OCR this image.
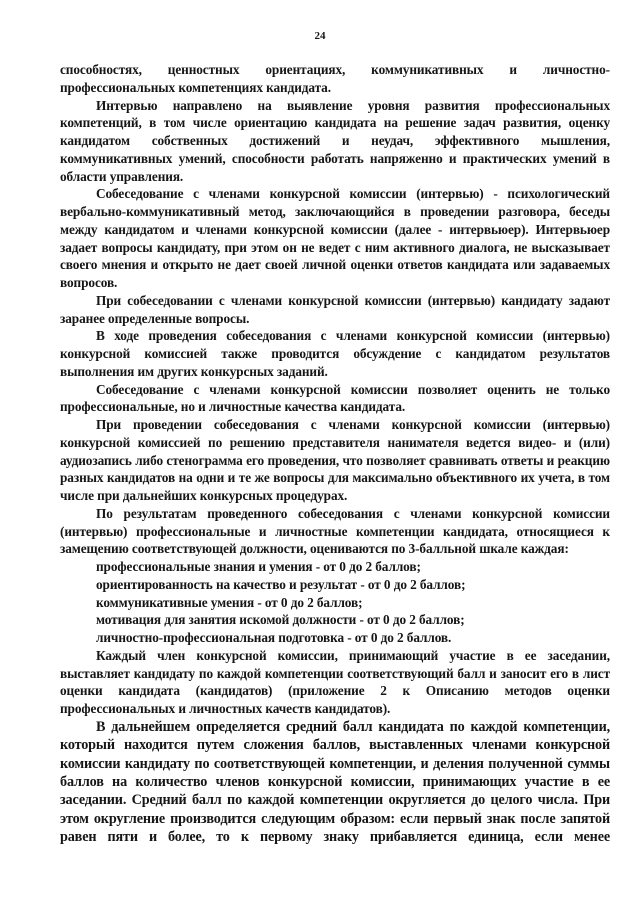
24

способностях, ценностных ориентациях, коммуникативных и личностно-профессиональных компетенциях кандидата.

Интервью направлено на выявление уровня развития профессиональных компетенций, в том числе ориентацию кандидата на решение задач развития, оценку кандидатом собственных достижений и неудач, эффективного мышления, коммуникативных умений, способности работать напряженно и практических умений в области управления.

Собеседование с членами конкурсной комиссии (интервью) - психологический вербально-коммуникативный метод, заключающийся в проведении разговора, беседы между кандидатом и членами конкурсной комиссии (далее - интервьюер). Интервьюер задает вопросы кандидату, при этом он не ведет с ним активного диалога, не высказывает своего мнения и открыто не дает своей личной оценки ответов кандидата или задаваемых вопросов.

При собеседовании с членами конкурсной комиссии (интервью) кандидату задают заранее определенные вопросы.

В ходе проведения собеседования с членами конкурсной комиссии (интервью) конкурсной комиссией также проводится обсуждение с кандидатом результатов выполнения им других конкурсных заданий.

Собеседование с членами конкурсной комиссии позволяет оценить не только профессиональные, но и личностные качества кандидата.

При проведении собеседования с членами конкурсной комиссии (интервью) конкурсной комиссией по решению представителя нанимателя ведется видео- и (или) аудиозапись либо стенограмма его проведения, что позволяет сравнивать ответы и реакцию разных кандидатов на одни и те же вопросы для максимально объективного их учета, в том числе при дальнейших конкурсных процедурах.

По результатам проведенного собеседования с членами конкурсной комиссии (интервью) профессиональные и личностные компетенции кандидата, относящиеся к замещению соответствующей должности, оцениваются по 3-балльной шкале каждая:

профессиональные знания и умения - от 0 до 2 баллов;
ориентированность на качество и результат - от 0 до 2 баллов;
коммуникативные умения - от 0 до 2 баллов;
мотивация для занятия искомой должности - от 0 до 2 баллов;
личностно-профессиональная подготовка - от 0 до 2 баллов.

Каждый член конкурсной комиссии, принимающий участие в ее заседании, выставляет кандидату по каждой компетенции соответствующий балл и заносит его в лист оценки кандидата (кандидатов) (приложение 2 к Описанию методов оценки профессиональных и личностных качеств кандидатов).

В дальнейшем определяется средний балл кандидата по каждой компетенции, который находится путем сложения баллов, выставленных членами конкурсной комиссии кандидату по соответствующей компетенции, и деления полученной суммы баллов на количество членов конкурсной комиссии, принимающих участие в ее заседании. Средний балл по каждой компетенции округляется до целого числа. При этом округление производится следующим образом: если первый знак после запятой равен пяти и более, то к первому знаку прибавляется единица, если менее
